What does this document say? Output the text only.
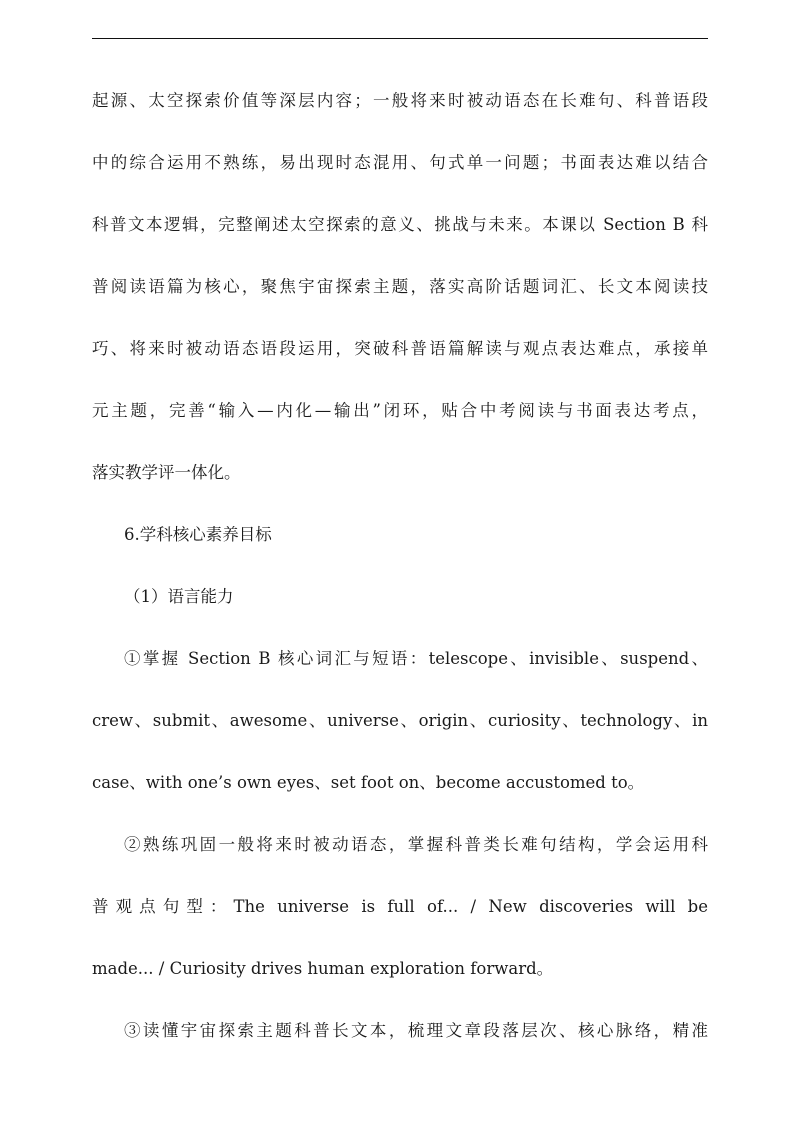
起源、太空探索价值等深层内容；一般将来时被动语态在长难句、科普语段
中的综合运用不熟练，易出现时态混用、句式单一问题；书面表达难以结合
科普文本逻辑，完整阐述太空探索的意义、挑战与未来。本课以 Section B 科
普阅读语篇为核心，聚焦宇宙探索主题，落实高阶话题词汇、长文本阅读技
巧、将来时被动语态语段运用，突破科普语篇解读与观点表达难点，承接单
元主题，完善“输入—内化—输出”闭环，贴合中考阅读与书面表达考点，
落实教学评一体化。
6.学科核心素养目标
（1）语言能力
①掌握 Section B 核心词汇与短语：telescope、invisible、suspend、
crew、submit、awesome、universe、origin、curiosity、technology、in
case、with one’s own eyes、set foot on、become accustomed to。
②熟练巩固一般将来时被动语态，掌握科普类长难句结构，学会运用科
普观点句型：The universe is full of... / New discoveries will be
made... / Curiosity drives human exploration forward。
③读懂宇宙探索主题科普长文本，梳理文章段落层次、核心脉络，精准
